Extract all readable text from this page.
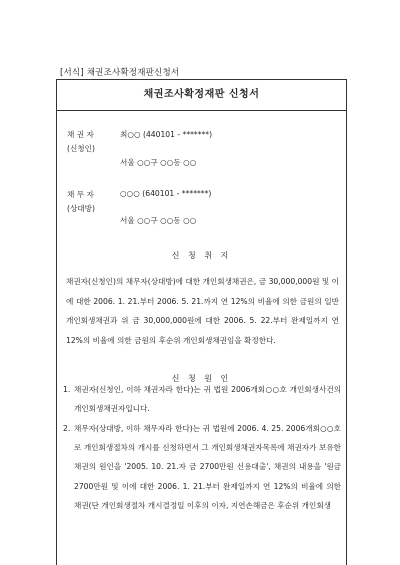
[서식] 채권조사확정재판신청서
채권조사확정재판 신청서
채 권 자
(신청인)
최○○ (440101 - *******)
서울 ○○구 ○○동 ○○
채 무 자
(상대방)
○○○ (640101 - *******)
서울 ○○구 ○○동 ○○
신 청 취 지
채권자(신청인)의 채무자(상대방)에 대한 개인회생채권은, 금 30,000,000원 및 이에 대한 2006. 1. 21.부터 2006. 5. 21.까지 연 12%의 비율에 의한 금원의 일반 개인회생채권과 위 금 30,000,000원에 대한 2006. 5. 22.부터 완제일까지 연 12%의 비율에 의한 금원의 후순위 개인회생채권임을 확정한다.
신 청 원 인
1. 채권자(신청인, 이하 채권자라 한다)는 귀 법원 2006개회○○호 개인회생사건의 개인회생채권자입니다.
2. 채무자(상대방, 이하 채무자라 한다)는 귀 법원에 2006. 4. 25. 2006개회○○호로 개인회생절차의 개시를 신청하면서 그 개인회생채권자목록에 채권자가 보유한 채권의 원인을 '2005. 10. 21.자 금 2700만원 신용대출', 채권의 내용을 '원금 2700만원 및 이에 대한 2006. 1. 21.부터 완제일까지 연 12%의 비율에 의한 채권(단 개인회생절차 개시결정일 이후의 이자, 지연손해금은 후순위 개인회생
